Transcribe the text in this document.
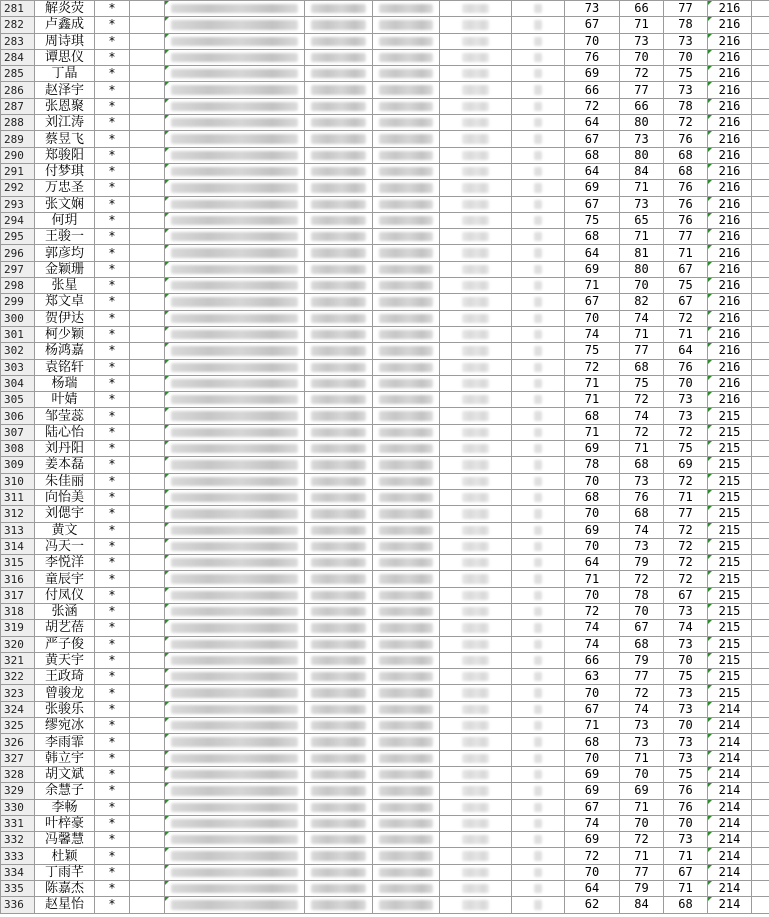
281	解炎荧	*							73	66	77	216	
282	卢鑫成	*							67	71	78	216	
283	周诗琪	*							70	73	73	216	
284	谭思仪	*							76	70	70	216	
285	丁晶	*							69	72	75	216	
286	赵泽宇	*							66	77	73	216	
287	张恩聚	*							72	66	78	216	
288	刘江涛	*							64	80	72	216	
289	蔡昱飞	*							67	73	76	216	
290	郑骏阳	*							68	80	68	216	
291	付梦琪	*							64	84	68	216	
292	万忠圣	*							69	71	76	216	
293	张文娴	*							67	73	76	216	
294	何玥	*							75	65	76	216	
295	王骏一	*							68	71	77	216	
296	郭彦均	*							64	81	71	216	
297	金颖珊	*							69	80	67	216	
298	张星	*							71	70	75	216	
299	郑文卓	*							67	82	67	216	
300	贺伊达	*							70	74	72	216	
301	柯少颖	*							74	71	71	216	
302	杨鸿嘉	*							75	77	64	216	
303	袁铭轩	*							72	68	76	216	
304	杨瑞	*							71	75	70	216	
305	叶婧	*							71	72	73	216	
306	邹莹蕊	*							68	74	73	215	
307	陆心怡	*							71	72	72	215	
308	刘丹阳	*							69	71	75	215	
309	姜本磊	*							78	68	69	215	
310	朱佳丽	*							70	73	72	215	
311	向怡美	*							68	76	71	215	
312	刘偲宇	*							70	68	77	215	
313	黄文	*							69	74	72	215	
314	冯天一	*							70	73	72	215	
315	李悦洋	*							64	79	72	215	
316	童辰宇	*							71	72	72	215	
317	付凤仪	*							70	78	67	215	
318	张涵	*							72	70	73	215	
319	胡艺蓓	*							74	67	74	215	
320	严子俊	*							74	68	73	215	
321	黄天宇	*							66	79	70	215	
322	王政琦	*							63	77	75	215	
323	曾骏龙	*							70	72	73	215	
324	张骏乐	*							67	74	73	214	
325	缪宛冰	*							71	73	70	214	
326	李雨霏	*							68	73	73	214	
327	韩立宇	*							70	71	73	214	
328	胡文斌	*							69	70	75	214	
329	余慧子	*							69	69	76	214	
330	李畅	*							67	71	76	214	
331	叶梓豪	*							74	70	70	214	
332	冯馨慧	*							69	72	73	214	
333	杜颖	*							72	71	71	214	
334	丁雨芊	*							70	77	67	214	
335	陈嘉杰	*							64	79	71	214	
336	赵星怡	*							62	84	68	214	
